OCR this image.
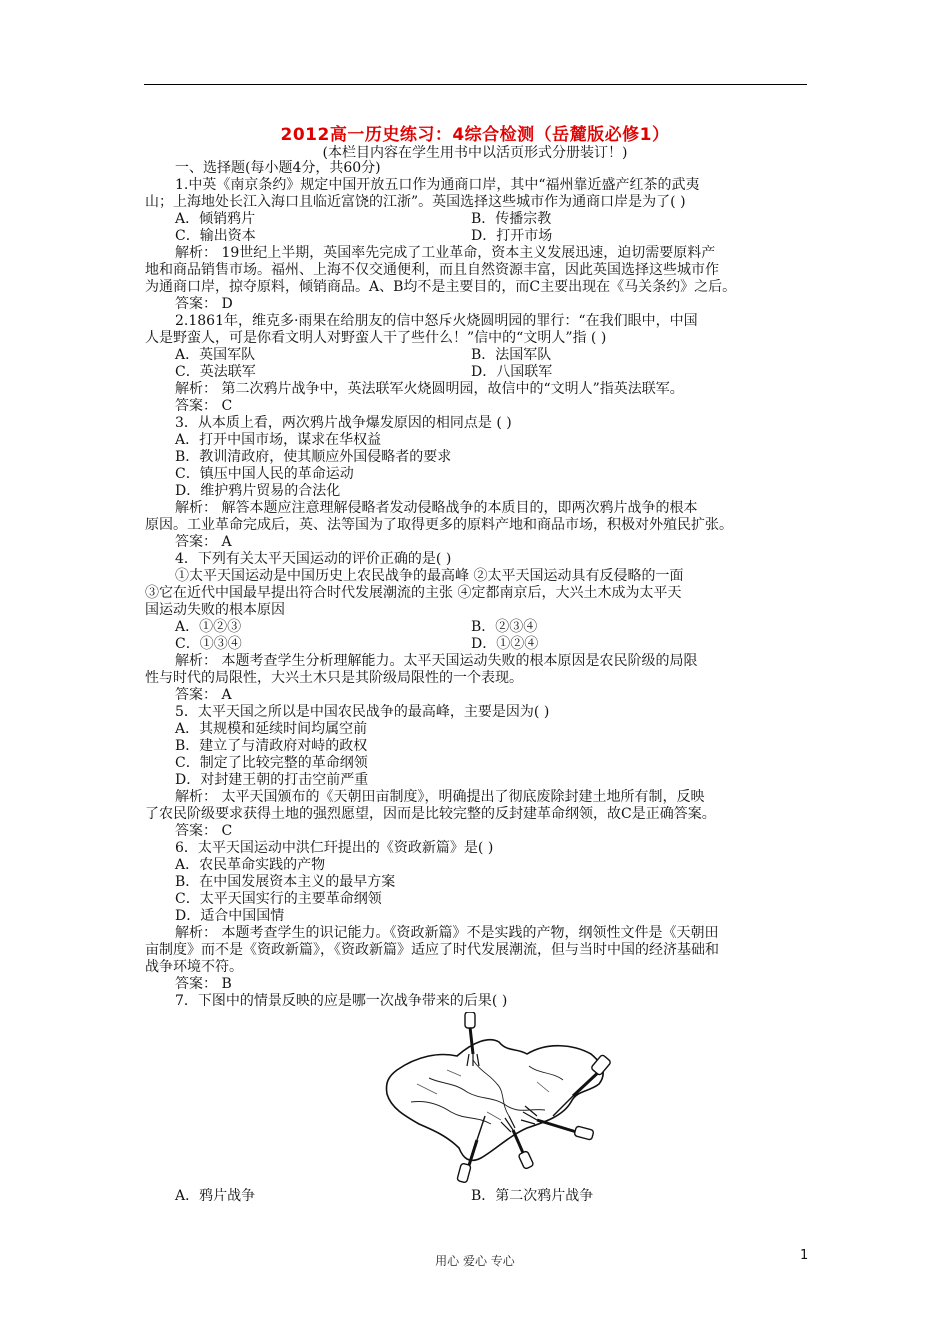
2012高一历史练习：4综合检测（岳麓版必修1）
(本栏目内容在学生用书中以活页形式分册装订！)
一、选择题(每小题4分，共60分)
1.中英《南京条约》规定中国开放五口作为通商口岸，其中“福州靠近盛产红茶的武夷
山；上海地处长江入海口且临近富饶的江浙”。英国选择这些城市作为通商口岸是为了( )
A．倾销鸦片	B．传播宗教
C．输出资本	D．打开市场
解析： 19世纪上半期，英国率先完成了工业革命，资本主义发展迅速，迫切需要原料产
地和商品销售市场。福州、上海不仅交通便利，而且自然资源丰富，因此英国选择这些城市作
为通商口岸，掠夺原料，倾销商品。A、B均不是主要目的，而C主要出现在《马关条约》之后。
答案： D
2.1861年，维克多·雨果在给朋友的信中怒斥火烧圆明园的罪行：“在我们眼中，中国
人是野蛮人，可是你看文明人对野蛮人干了些什么！”信中的“文明人”指 ( )
A．英国军队	B．法国军队
C．英法联军	D．八国联军
解析： 第二次鸦片战争中，英法联军火烧圆明园，故信中的“文明人”指英法联军。
答案： C
3．从本质上看，两次鸦片战争爆发原因的相同点是 ( )
A．打开中国市场，谋求在华权益
B．教训清政府，使其顺应外国侵略者的要求
C．镇压中国人民的革命运动
D．维护鸦片贸易的合法化
解析： 解答本题应注意理解侵略者发动侵略战争的本质目的，即两次鸦片战争的根本
原因。工业革命完成后，英、法等国为了取得更多的原料产地和商品市场，积极对外殖民扩张。
答案： A
4．下列有关太平天国运动的评价正确的是( )
①太平天国运动是中国历史上农民战争的最高峰 ②太平天国运动具有反侵略的一面
③它在近代中国最早提出符合时代发展潮流的主张 ④定都南京后，大兴土木成为太平天
国运动失败的根本原因
A．①②③	B．②③④
C．①③④	D．①②④
解析： 本题考查学生分析理解能力。太平天国运动失败的根本原因是农民阶级的局限
性与时代的局限性，大兴土木只是其阶级局限性的一个表现。
答案： A
5．太平天国之所以是中国农民战争的最高峰，主要是因为( )
A．其规模和延续时间均属空前
B．建立了与清政府对峙的政权
C．制定了比较完整的革命纲领
D．对封建王朝的打击空前严重
解析： 太平天国颁布的《天朝田亩制度》，明确提出了彻底废除封建土地所有制，反映
了农民阶级要求获得土地的强烈愿望，因而是比较完整的反封建革命纲领，故C是正确答案。
答案： C
6．太平天国运动中洪仁玕提出的《资政新篇》是( )
A．农民革命实践的产物
B．在中国发展资本主义的最早方案
C．太平天国实行的主要革命纲领
D．适合中国国情
解析： 本题考查学生的识记能力。《资政新篇》不是实践的产物，纲领性文件是《天朝田
亩制度》而不是《资政新篇》，《资政新篇》适应了时代发展潮流，但与当时中国的经济基础和
战争环境不符。
答案： B
7．下图中的情景反映的应是哪一次战争带来的后果( )
A．鸦片战争	B．第二次鸦片战争
用心 爱心 专心	1
